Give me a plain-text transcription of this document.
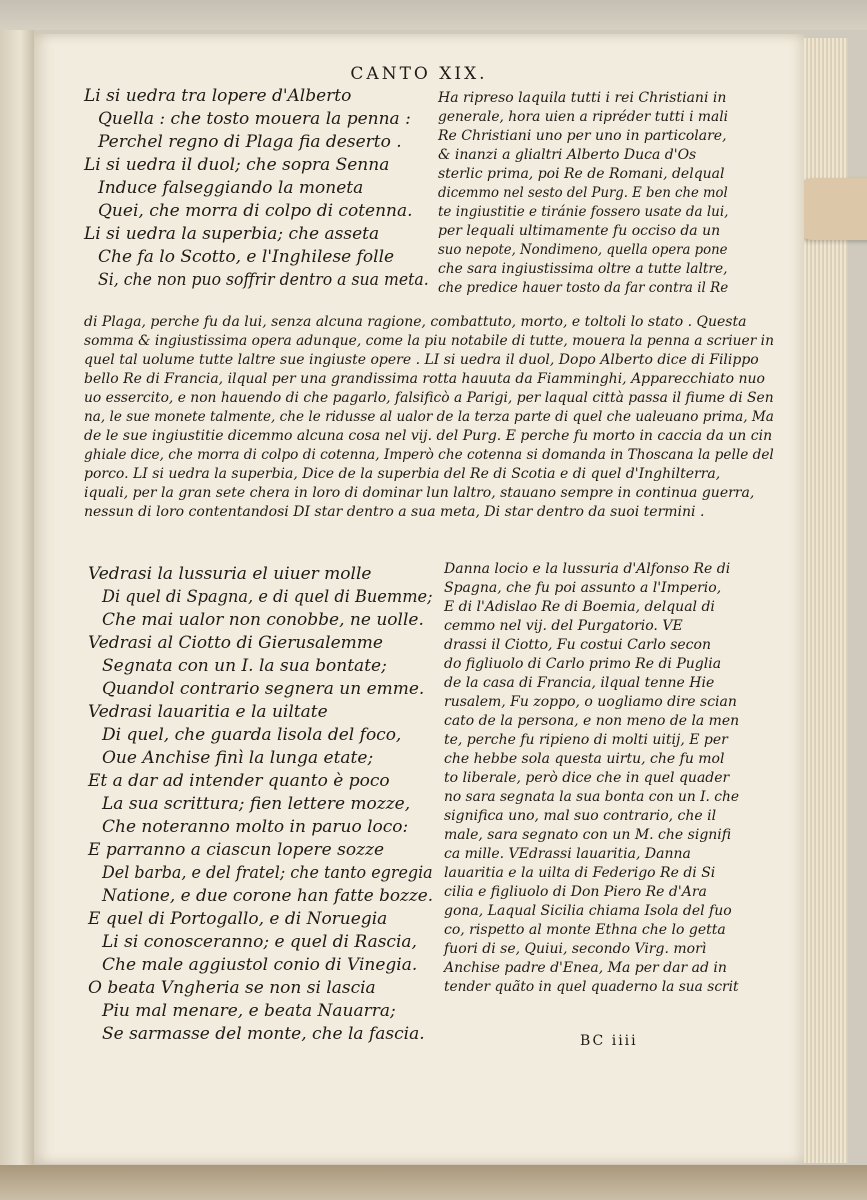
CANTO XIX.
Li si uedra tra lopere d'Alberto
Quella : che tosto mouera la penna :
Perchel regno di Plaga fia deserto .
Li si uedra il duol; che sopra Senna
Induce falseggiando la moneta
Quei, che morra di colpo di cotenna.
Li si uedra la superbia; che asseta
Che fa lo Scotto, e l'Inghilese folle
Si, che non puo soffrir dentro a sua meta.
Ha ripreso laquila tutti i rei Christiani in
generale, hora uien a ripréder tutti i mali
Re Christiani uno per uno in particolare,
& inanzi a glialtri Alberto Duca d'Os
sterlic prima, poi Re de Romani, delqual
dicemmo nel sesto del Purg. E ben che mol
te ingiustitie e tiránie fossero usate da lui,
per lequali ultimamente fu occiso da un
suo nepote, Nondimeno, quella opera pone
che sara ingiustissima oltre a tutte laltre,
che predice hauer tosto da far contra il Re
di Plaga, perche fu da lui, senza alcuna ragione, combattuto, morto, e toltoli lo stato . Questa
somma & ingiustissima opera adunque, come la piu notabile di tutte, mouera la penna a scriuer in
quel tal uolume tutte laltre sue ingiuste opere . LI si uedra il duol, Dopo Alberto dice di Filippo
bello Re di Francia, ilqual per una grandissima rotta hauuta da Fiamminghi, Apparecchiato nuo
uo essercito, e non hauendo di che pagarlo, falsificò a Parigi, per laqual città passa il fiume di Sen
na, le sue monete talmente, che le ridusse al ualor de la terza parte di quel che ualeuano prima, Ma
de le sue ingiustitie dicemmo alcuna cosa nel vij. del Purg. E perche fu morto in caccia da un cin
ghiale dice, che morra di colpo di cotenna, Imperò che cotenna si domanda in Thoscana la pelle del
porco. LI si uedra la superbia, Dice de la superbia del Re di Scotia e di quel d'Inghilterra,
iquali, per la gran sete chera in loro di dominar lun laltro, stauano sempre in continua guerra,
nessun di loro contentandosi DI star dentro a sua meta, Di star dentro da suoi termini .
Vedrasi la lussuria el uiuer molle
Di quel di Spagna, e di quel di Buemme;
Che mai ualor non conobbe, ne uolle.
Vedrasi al Ciotto di Gierusalemme
Segnata con un I. la sua bontate;
Quandol contrario segnera un emme.
Vedrasi lauaritia e la uiltate
Di quel, che guarda lisola del foco,
Oue Anchise finì la lunga etate;
Et a dar ad intender quanto è poco
La sua scrittura; fien lettere mozze,
Che noteranno molto in paruo loco:
E parranno a ciascun lopere sozze
Del barba, e del fratel; che tanto egregia
Natione, e due corone han fatte bozze.
E quel di Portogallo, e di Noruegia
Li si conosceranno; e quel di Rascia,
Che male aggiustol conio di Vinegia.
O beata Vngheria se non si lascia
Piu mal menare, e beata Nauarra;
Se sarmasse del monte, che la fascia.
Danna locio e la lussuria d'Alfonso Re di
Spagna, che fu poi assunto a l'Imperio,
E di l'Adislao Re di Boemia, delqual di
cemmo nel vij. del Purgatorio. VE
drassi il Ciotto, Fu costui Carlo secon
do figliuolo di Carlo primo Re di Puglia
de la casa di Francia, ilqual tenne Hie
rusalem, Fu zoppo, o uogliamo dire scian
cato de la persona, e non meno de la men
te, perche fu ripieno di molti uitij, E per
che hebbe sola questa uirtu, che fu mol
to liberale, però dice che in quel quader
no sara segnata la sua bonta con un I. che
significa uno, mal suo contrario, che il
male, sara segnato con un M. che signifi
ca mille. VEdrassi lauaritia, Danna
lauaritia e la uilta di Federigo Re di Si
cilia e figliuolo di Don Piero Re d'Ara
gona, Laqual Sicilia chiama Isola del fuo
co, rispetto al monte Ethna che lo getta
fuori di se, Quiui, secondo Virg. morì
Anchise padre d'Enea, Ma per dar ad in
tender quãto in quel quaderno la sua scrit
BC iiii
